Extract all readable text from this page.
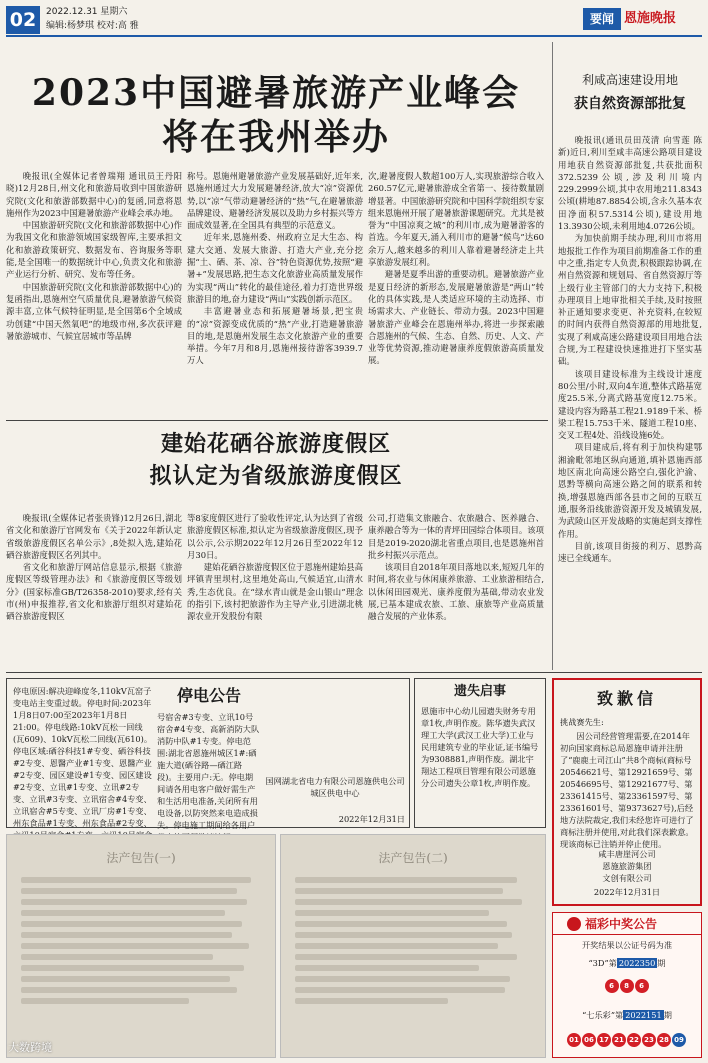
02	2022.12.31 星期六
编辑:杨梦琪 校对:高 雅	要闻 恩施晚报
2023中国避暑旅游产业峰会
将在我州举办

晚报讯(全媒体记者曾瑞翔 通讯员王丹阳晓)12月28日,州文化和旅游局收到中国旅游研究院(文化和旅游部数据中心)的复函,同意将恩施州作为2023中国避暑旅游产业峰会承办地。

中国旅游研究院(文化和旅游部数据中心)作为我国文化和旅游领域国家级智库,主要承担文化和旅游政策研究、数据发布、咨询服务等职能,是全国唯一的数据统计中心,负责文化和旅游产业运行分析、研究、发布等任务。

中国旅游研究院(文化和旅游部数据中心)的复函指出,恩施州空气质量优良,避暑旅游气候资源丰富,立体气候特征明显,是全国第6个全域成功创建“中国天然氧吧”的地级市州,多次获评避暑旅游城市、气候宜居城市等品牌

称号。恩施州避暑旅游产业发展基础好,近年来,恩施州通过大力发展避暑经济,放大“凉”资源优势,以“凉”气带动避暑经济的“热”气,在避暑旅游品牌建设、避暑经济发展以及助力乡村振兴等方面成效显著,在全国具有典型的示范意义。

近年来,恩施州委、州政府立足大生态、构建大交通、发展大旅游、打造大产业,充分挖掘“土、硒、茶、凉、谷”特色资源优势,按照“避暑+”发展思路,把生态文化旅游业高质量发展作为实现“两山”转化的最佳途径,着力打造世界级旅游目的地,奋力建设“两山”实践创新示范区。

丰富避暑业态和拓展避暑场景,把宝贵的“凉”资源变成优质的“热”产业,打造避暑旅游目的地,是恩施州发展生态文化旅游产业的重要举措。今年7月和8月,恩施州接待游客3939.7万人

次,避暑度假人数超100万人,实现旅游综合收入260.57亿元,避暑旅游成全省第一、接待数量剧增显著。中国旅游研究院和中国科学院组织专家组来恩施州开展了避暑旅游课题研究。尤其是被誉为“中国凉爽之城”的利川市,成为避暑游客的首选。今年夏天,涌入利川市的避暑“候鸟”达60余万人,越来越多的利川人靠着避暑经济走上共享旅游发展红利。

避暑是夏季出游的重要动机。避暑旅游产业是夏日经济的新形态,发展避暑旅游是“两山”转化的具体实践,是人类适应环境的主动选择、市场需求大、产业链长、带动力强。2023中国避暑旅游产业峰会在恩施州举办,将进一步探索融合恩施州的气候、生态、自然、历史、人文、产业等优势资源,推动避暑康养度假旅游高质量发展。

利咸高速建设用地
获自然资源部批复

晚报讯(通讯员田茂清 向雪莲 陈新)近日,利川至咸丰高速公路项目建设用地获自然资源部批复,共获批面积372.5239公顷,涉及利川境内229.2999公顷,其中农用地211.8343公顷(耕地87.8854公顷,含永久基本农田净面积57.5314公顷),建设用地13.3930公顷,未利用地4.0726公顷。

为加快前期手续办理,利川市将用地报批工作作为项目前期准备工作的重中之重,指定专人负责,积极跟踪协调,在州自然资源和规划局、省自然资源厅等上级行业主管部门的大力支持下,积极办理项目上地审批相关手续,及时按照补正通知要求变更、补充资料,在较短的时间内获得自然资源部的用地批复,实现了利咸高速公路建设项目用地合法合规,为工程建设快速推进打下坚实基础。

该项目建设标准为主线设计速度80公里/小时,双向4车道,整体式路基宽度25.5米,分离式路基宽度12.75米。建设内容为路基工程21.9189千米、桥梁工程15.753千米、隧道工程10座、交叉工程4处、沿线设施6处。

项目建成后,将有利于加快构建鄂湘渝毗邻地区纵向通道,填补恩施西部地区南北向高速公路空白,强化沪渝、恩黔等横向高速公路之间的联系和转换,增强恩施西部各县市之间的互联互通,服务沿线旅游资源开发及城镇发展,为武陵山区开发战略的实施起到支撑性作用。

目前,该项目街接的利万、恩黔高速已全线通车。

建始花硒谷旅游度假区
拟认定为省级旅游度假区

晚报讯(全媒体记者张贵锋)12月26日,湖北省文化和旅游厅官网发布《关于2022年新认定省级旅游度假区名单公示》,8处拟入选,建始花硒谷旅游度假区名列其中。

省文化和旅游厅网站信息显示,根据《旅游度假区等级管理办法》和《旅游度假区等级划分》(国家标准GB/T26358-2010)要求,经有关市(州)申报推荐,省文化和旅游厅组织对建始花硒谷旅游度假区

等8家度假区进行了验收性评定,认为达到了省级旅游度假区标准,拟认定为省级旅游度假区,现予以公示,公示期2022年12月26日至2022年12月30日。

建始花硒谷旅游度假区位于恩施州建始县高坪镇青里坝村,这里地处高山,气候适宜,山清水秀,生态优良。在“绿水青山就是金山银山”理念的指引下,该村把旅游作为主导产业,引进湖北桃源农业开发股份有限

公司,打造集文旅融合、农旅融合、医养融合、康养融合等为一体的青坪田园综合体项目。该项目是2019-2020湖北省重点项目,也是恩施州首批乡村振兴示范点。

该项目自2018年项目落地以来,短短几年的时间,将农业与休闲康养旅游、工业旅游相结合,以休闲田园观光、康养度假为基础,带动农业发展,已基本建成农旅、工旅、康旅等产业高质量融合发展的产业体系。

停电公告
停电原因:解决迎峰度冬,110kV瓦窑子变电站主变重过载。停电时间:2023年1月8日07:00至2023年1月8日21:00。停电线路:10kV瓦松一回线(瓦609)、10kV瓦松二回线(瓦610)。停电区域:硒谷科技1#专变、硒谷科技#2专变、恩醫产业#1专变、恩醫产业#2专变、园区建设#1专变、园区建设#2专变、立讯#1专变、立讯#2专变、立讯#3专变、立讯宿舍#4专变、立讯宿舍#5专变、立讯厂房#1专变、州东食品#1专变、州东食品#2专变、
号宿舍#3专变、立讯10号宿舍#4专变、高新消防大队消防中队#1专变。停电范围:湖北省恩施州城区1#:硒施大道(硒谷路—硒江路段)。主要用户:无。停电期间请各用电客户做好需生产和生活用电准备,关闭所有用电设备,以防突然来电造成损失。停电施工期间给各用户
国网湖北省电力有限公司恩施供电公司城区供电中心
2022年12月31日
遗失启事
恩施市中心幼儿园遗失财务专用章1枚,声明作废。陈华遗失武汉理工大学(武汉工业大学)工业与民用建筑专业的毕业证,证书编号为9308881,声明作废。湖北宇翔达工程项目管理有限公司恩施分公司遗失公章1枚,声明作废。
致歉信
挑战赛先生:
因公司经营管理需要,在2014年初向国家商标总局恩施申请并注册了“鹿鹿土司江山”共8个商标(商标号20546621号、第12921659号、第20546695号、第12921677号、第23361415号、第23361597号、第23361601号、第9373627号),后经地方法院裁定,我们未经您许可进行了商标注册并使用,对此我们深表歉意。现该商标已注销并停止使用。
咸丰唐崖河公司
恩施旅游集团
文创有限公司
2022年12月31日
法产包告(一)	法产包告(二)
福彩中奖公告
开奖结果以公证号码为准
“3D”第 2022350 期
6 8 6
“七乐彩”第 2022151 期
01 06 17 21 22 23 28 09
大数跨境
